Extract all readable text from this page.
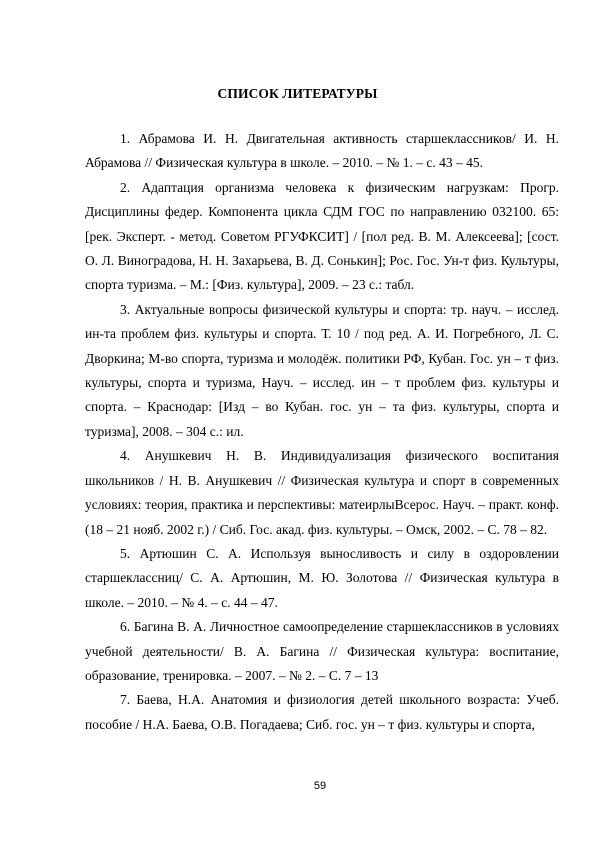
СПИСОК ЛИТЕРАТУРЫ

1. Абрамова И. Н. Двигательная активность старшеклассников/ И. Н. Абрамова // Физическая культура в школе. – 2010. – № 1. – с. 43 – 45.

2. Адаптация организма человека к физическим нагрузкам: Прогр. Дисциплины федер. Компонента цикла СДМ ГОС по направлению 032100. 65: [рек. Эксперт. - метод. Советом РГУФКСИТ] / [пол ред. В. М. Алексеева]; [сост. О. Л. Виноградова, Н. Н. Захарьева, В. Д. Сонькин]; Рос. Гос. Ун-т физ. Культуры, спорта туризма. – М.: [Физ. культура], 2009. – 23 с.: табл.

3. Актуальные вопросы физической культуры и спорта: тр. науч. – исслед. ин-та проблем физ. культуры и спорта. Т. 10 / под ред. А. И. Погребного, Л. С. Дворкина; М-во спорта, туризма и молодёж. политики РФ, Кубан. Гос. ун – т физ. культуры, спорта и туризма, Науч. – исслед. ин – т проблем физ. культуры и спорта. – Краснодар: [Изд – во Кубан. гос. ун – та физ. культуры, спорта и туризма], 2008. – 304 с.: ил.

4. Анушкевич Н. В. Индивидуализация физического воспитания школьников / Н. В. Анушкевич // Физическая культура и спорт в современных условиях: теория, практика и перспективы: матеирлыВсерос. Науч. – практ. конф. (18 – 21 нояб. 2002 г.) / Сиб. Гос. акад. физ. культуры. – Омск, 2002. – С. 78 – 82.

5. Артюшин С. А. Используя выносливость и силу в оздоровлении старшеклассниц/ С. А. Артюшин, М. Ю. Золотова // Физическая культура в школе. – 2010. – № 4. – с. 44 – 47.

6. Багина В. А. Личностное самоопределение старшеклассников в условиях учебной деятельности/ В. А. Багина // Физическая культура: воспитание, образование, тренировка. – 2007. – № 2. – С. 7 – 13

7. Баева, Н.А. Анатомия и физиология детей школьного возраста: Учеб. пособие / Н.А. Баева, О.В. Погадаева; Сиб. гос. ун – т физ. культуры и спорта,

59
